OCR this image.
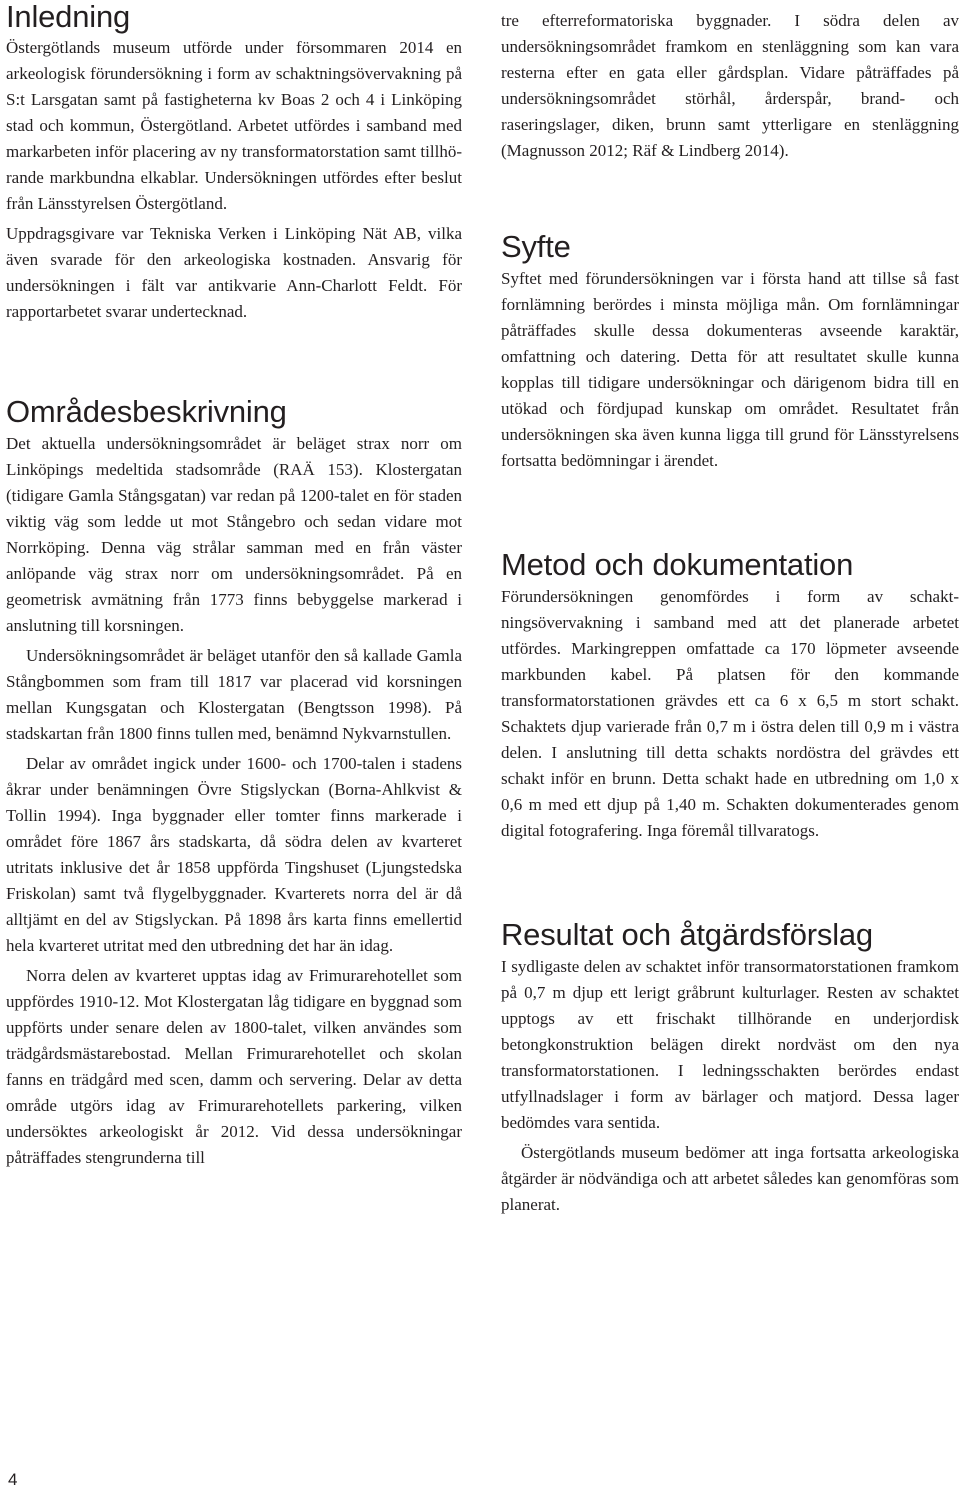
Inledning

Östergötlands museum utförde under försommaren 2014 en arkeologisk förundersökning i form av schaktningsövervakning på S:t Larsgatan samt på fastigheterna kv Boas 2 och 4 i Linköping stad och kommun, Östergötland. Arbetet utfördes i samband med markarbeten inför placering av ny transformatorstation samt tillhörande markbundna elkablar. Undersökningen utfördes efter beslut från Länsstyrelsen Östergötland.

Uppdragsgivare var Tekniska Verken i Linköping Nät AB, vilka även svarade för den arkeologiska kostnaden. Ansvarig för undersökningen i fält var antikvarie Ann-Charlott Feldt. För rapportarbetet svarar undertecknad.

Områdesbeskrivning

Det aktuella undersökningsområdet är beläget strax norr om Linköpings medeltida stadsområde (RAÄ 153). Klostergatan (tidigare Gamla Stångsgatan) var redan på 1200-talet en för staden viktig väg som ledde ut mot Stångebro och sedan vidare mot Norrköping. Denna väg strålar samman med en från väster anlöpande väg strax norr om undersökningsområdet. På en geometrisk avmätning från 1773 finns bebyggelse markerad i anslutning till korsningen.

Undersökningsområdet är beläget utanför den så kallade Gamla Stångbommen som fram till 1817 var placerad vid korsningen mellan Kungsgatan och Klostergatan (Bengtsson 1998). På stadskartan från 1800 finns tullen med, benämnd Nykvarnstullen.

Delar av området ingick under 1600- och 1700-talen i stadens åkrar under benämningen Övre Stigslyckan (Borna-Ahlkvist & Tollin 1994). Inga byggnader eller tomter finns markerade i området före 1867 års stadskarta, då södra delen av kvarteret utritats inklusive det år 1858 uppförda Tingshuset (Ljungstedska Friskolan) samt två flygelbyggnader. Kvarterets norra del är då alltjämt en del av Stigslyckan. På 1898 års karta finns emellertid hela kvarteret utritat med den utbredning det har än idag.

Norra delen av kvarteret upptas idag av Frimurarehotellet som uppfördes 1910-12. Mot Klostergatan låg tidigare en byggnad som uppförts under senare delen av 1800-talet, vilken användes som trädgårdsmästarebostad. Mellan Frimurarehotellet och skolan fanns en trädgård med scen, damm och servering. Delar av detta område utgörs idag av Frimurarehotellets parkering, vilken undersöktes arkeologiskt år 2012. Vid dessa undersökningar påträffades stengrunderna till

tre efterreformatoriska byggnader. I södra delen av undersökningsområdet framkom en stenläggning som kan vara resterna efter en gata eller gårdsplan. Vidare påträffades på undersökningsområdet störhål, årderspår, brand- och raseringslager, diken, brunn samt ytterligare en stenläggning (Magnusson 2012; Räf & Lindberg 2014).

Syfte

Syftet med förundersökningen var i första hand att tillse så fast fornlämning berördes i minsta möjliga mån. Om fornlämningar påträffades skulle dessa dokumenteras avseende karaktär, omfattning och datering. Detta för att resultatet skulle kunna kopplas till tidigare undersökningar och därigenom bidra till en utökad och fördjupad kunskap om området. Resultatet från undersökningen ska även kunna ligga till grund för Länsstyrelsens fortsatta bedömningar i ärendet.

Metod och dokumentation

Förundersökningen genomfördes i form av schaktningsövervakning i samband med att det planerade arbetet utfördes. Markingreppen omfattade ca 170 löpmeter avseende markbunden kabel. På platsen för den kommande transformatorstationen grävdes ett ca 6 x 6,5 m stort schakt. Schaktets djup varierade från 0,7 m i östra delen till 0,9 m i västra delen. I anslutning till detta schakts nordöstra del grävdes ett schakt inför en brunn. Detta schakt hade en utbredning om 1,0 x 0,6 m med ett djup på 1,40 m. Schakten dokumenterades genom digital fotografering. Inga föremål tillvaratogs.

Resultat och åtgärdsförslag

I sydligaste delen av schaktet inför transormatorstationen framkom på 0,7 m djup ett lerigt gråbrunt kulturlager. Resten av schaktet upptogs av ett frischakt tillhörande en underjordisk betongkonstruktion belägen direkt nordväst om den nya transformatorstationen. I ledningsschakten berördes endast utfyllnadslager i form av bärlager och matjord. Dessa lager bedömdes vara sentida.

Östergötlands museum bedömer att inga fortsatta arkeologiska åtgärder är nödvändiga och att arbetet således kan genomföras som planerat.

4
